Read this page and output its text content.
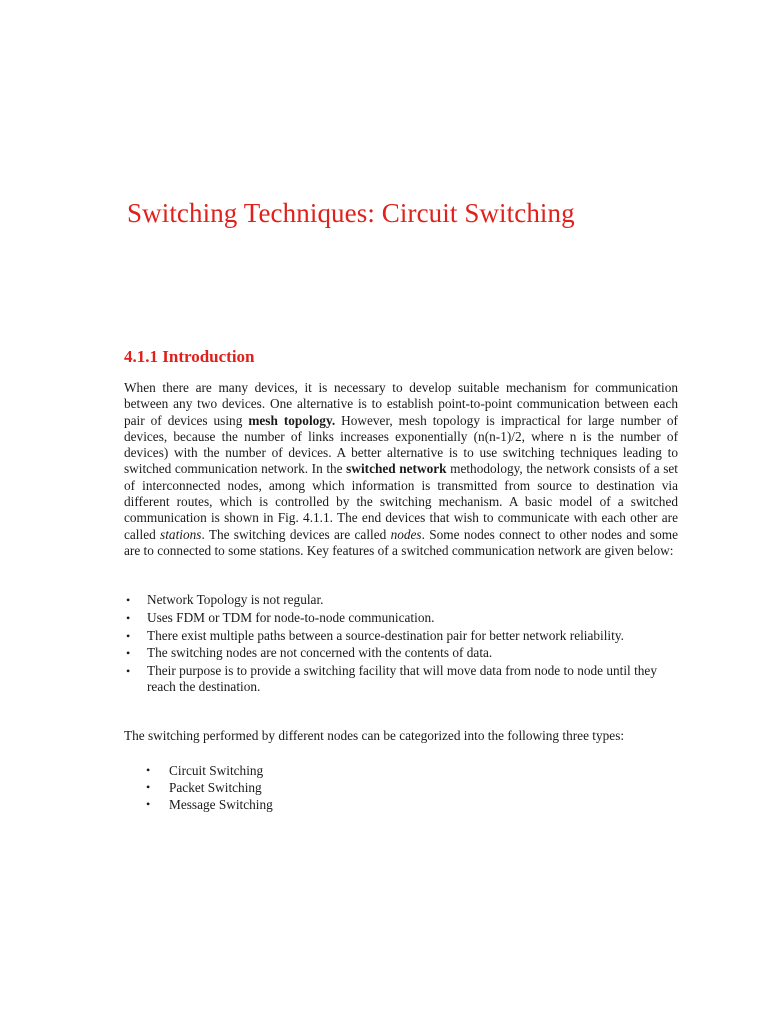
Switching Techniques: Circuit Switching
4.1.1 Introduction

When there are many devices, it is necessary to develop suitable mechanism for communication between any two devices. One alternative is to establish point-to-point communication between each pair of devices using mesh topology. However, mesh topology is impractical for large number of devices, because the number of links increases exponentially (n(n-1)/2, where n is the number of devices) with the number of devices. A better alternative is to use switching techniques leading to switched communication network. In the switched network methodology, the network consists of a set of interconnected nodes, among which information is transmitted from source to destination via different routes, which is controlled by the switching mechanism. A basic model of a switched communication is shown in Fig. 4.1.1. The end devices that wish to communicate with each other are called stations. The switching devices are called nodes. Some nodes connect to other nodes and some are to connected to some stations. Key features of a switched communication network are given below:

• Network Topology is not regular.
• Uses FDM or TDM for node-to-node communication.
• There exist multiple paths between a source-destination pair for better network reliability.
• The switching nodes are not concerned with the contents of data.
• Their purpose is to provide a switching facility that will move data from node to node until they reach the destination.

The switching performed by different nodes can be categorized into the following three types:

• Circuit Switching
• Packet Switching
• Message Switching
